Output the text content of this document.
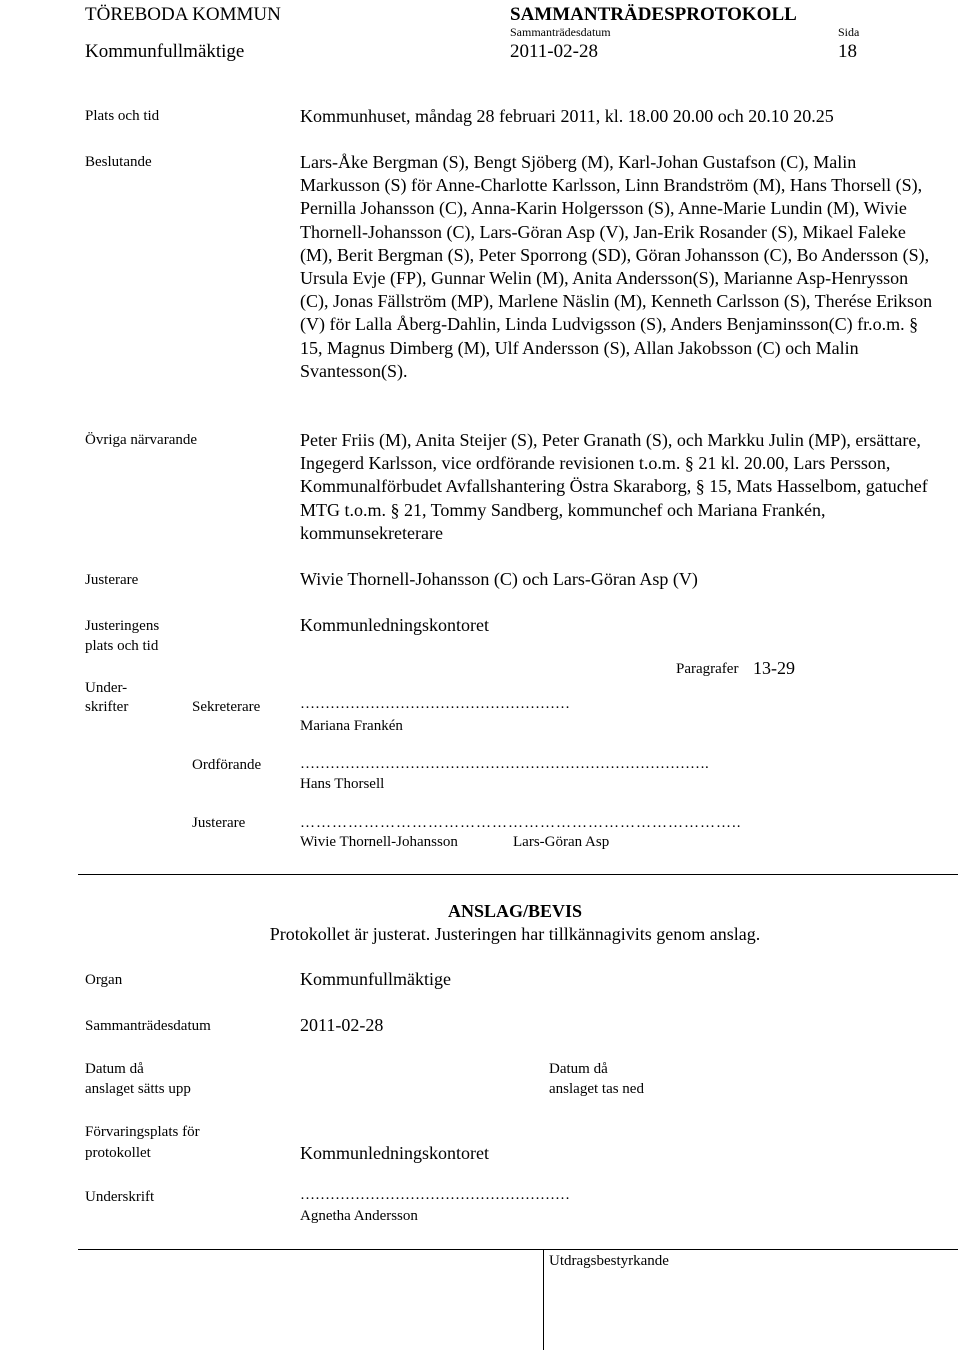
TÖREBODA KOMMUN	SAMMANTRÄDESPROTOKOLL
Sammanträdesdatum	Sida
Kommunfullmäktige	2011-02-28	18
Plats och tid	Kommunhuset, måndag 28 februari 2011, kl. 18.00 20.00 och 20.10 20.25
Beslutande	Lars-Åke Bergman (S), Bengt Sjöberg (M), Karl-Johan Gustafson (C), Malin Markusson (S) för Anne-Charlotte Karlsson, Linn Brandström (M), Hans Thorsell (S), Pernilla Johansson (C), Anna-Karin Holgersson (S), Anne-Marie Lundin (M), Wivie Thornell-Johansson (C), Lars-Göran Asp (V), Jan-Erik Rosander (S), Mikael Faleke (M), Berit Bergman (S), Peter Sporrong (SD), Göran Johansson (C), Bo Andersson (S), Ursula Evje (FP), Gunnar Welin (M), Anita Andersson(S), Marianne Asp-Henrysson (C), Jonas Fällström (MP), Marlene Näslin (M), Kenneth Carlsson (S), Therése Erikson (V) för Lalla Åberg-Dahlin, Linda Ludvigsson (S), Anders Benjaminsson(C) fr.o.m. § 15, Magnus Dimberg (M), Ulf Andersson (S), Allan Jakobsson (C) och Malin Svantesson(S).
Övriga närvarande	Peter Friis (M), Anita Steijer (S), Peter Granath (S), och Markku Julin (MP), ersättare, Ingegerd Karlsson, vice ordförande revisionen t.o.m. § 21 kl. 20.00, Lars Persson, Kommunalförbudet Avfallshantering Östra Skaraborg, § 15, Mats Hasselbom, gatuchef MTG t.o.m. § 21, Tommy Sandberg, kommunchef och Mariana Frankén, kommunsekreterare
Justerare	Wivie Thornell-Johansson (C) och Lars-Göran Asp (V)
Justeringens
plats och tid
Kommunledningskontoret
Paragrafer 13-29
Under-
skrifter	Sekreterare	………………………………………………
Mariana Frankén
Ordförande	……………………………………………………………………….
Hans Thorsell
Justerare	………………………………………………………………………..
Wivie Thornell-Johansson	Lars-Göran Asp
ANSLAG/BEVIS
Protokollet är justerat. Justeringen har tillkännagivits genom anslag.
Organ	Kommunfullmäktige
Sammanträdesdatum	2011-02-28
Datum då
anslaget sätts upp
Datum då
anslaget tas ned
Förvaringsplats för
protokollet	Kommunledningskontoret
Underskrift	………………………………………………
Agnetha Andersson
Utdragsbestyrkande
